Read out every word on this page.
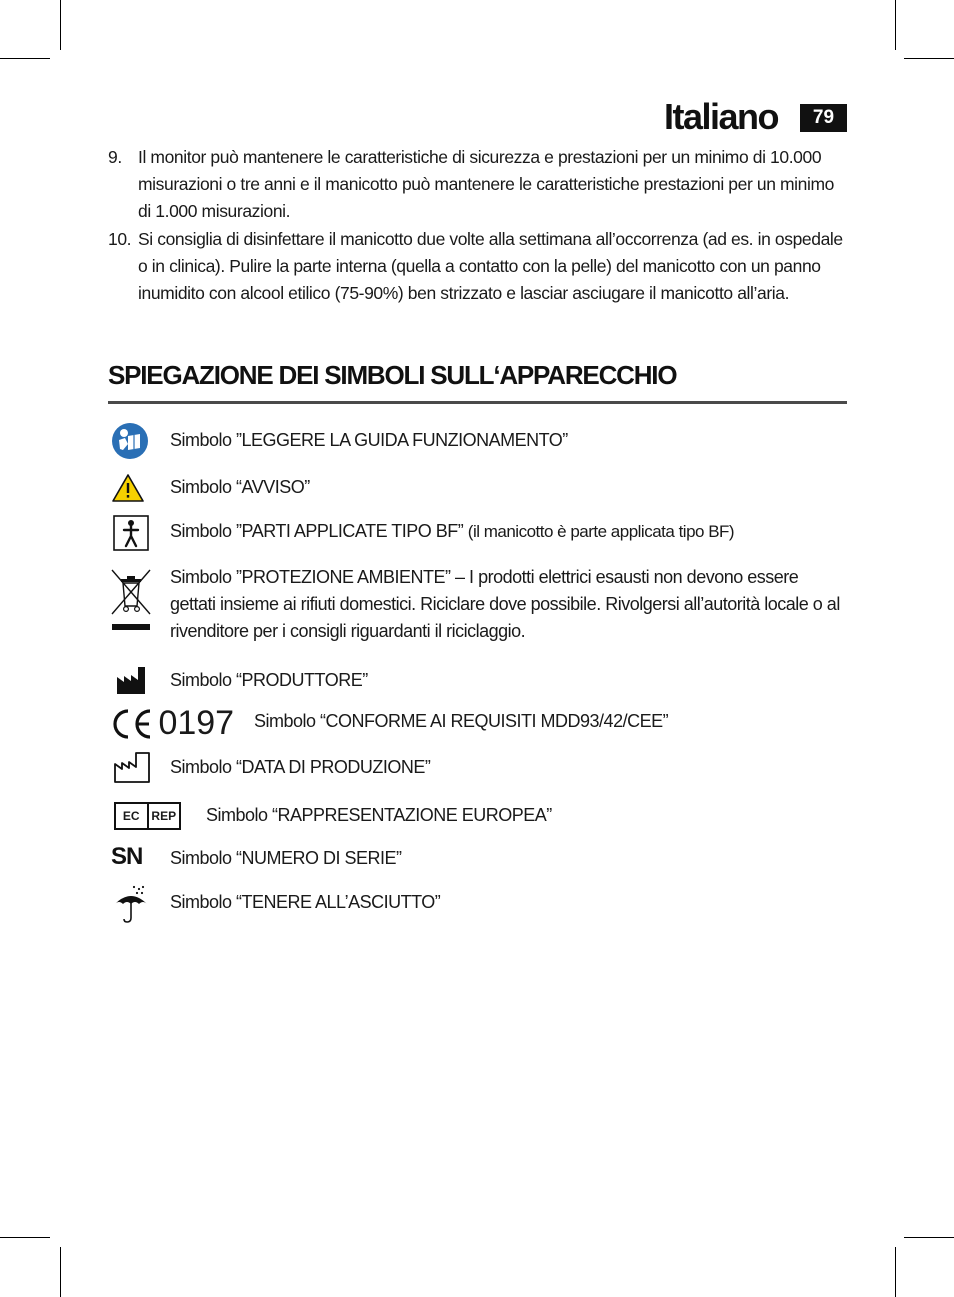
Italiano	79
9. Il monitor può mantenere le caratteristiche di sicurezza e prestazioni per un minimo di 10.000 misurazioni o tre anni e il manicotto può mantenere le caratteristiche prestazioni per un minimo di 1.000 misurazioni.
10. Si consiglia di disinfettare il manicotto due volte alla settimana all’occorrenza (ad es. in ospedale o in clinica). Pulire la parte interna (quella a contatto con la pelle) del manicotto con un panno inumidito con alcool etilico (75-90%) ben strizzato e lasciar asciugare il manicotto all’aria.
SPIEGAZIONE DEI SIMBOLI SULL‘APPARECCHIO
Simbolo ”LEGGERE LA GUIDA FUNZIONAMENTO”
Simbolo “AVVISO”
Simbolo ”PARTI APPLICATE TIPO BF” (il manicotto è parte applicata tipo BF)
Simbolo ”PROTEZIONE AMBIENTE” – I prodotti elettrici esausti non devono essere gettati insieme ai rifiuti domestici. Riciclare dove possibile. Rivolgersi all’autorità locale o al rivenditore per i consigli riguardanti il riciclaggio.
Simbolo “PRODUTTORE”
0197 Simbolo “CONFORME AI REQUISITI MDD93/42/CEE”
Simbolo “DATA DI PRODUZIONE”
EC REP Simbolo “RAPPRESENTAZIONE EUROPEA”
SN Simbolo “NUMERO DI SERIE”
Simbolo “TENERE ALL’ASCIUTTO”
